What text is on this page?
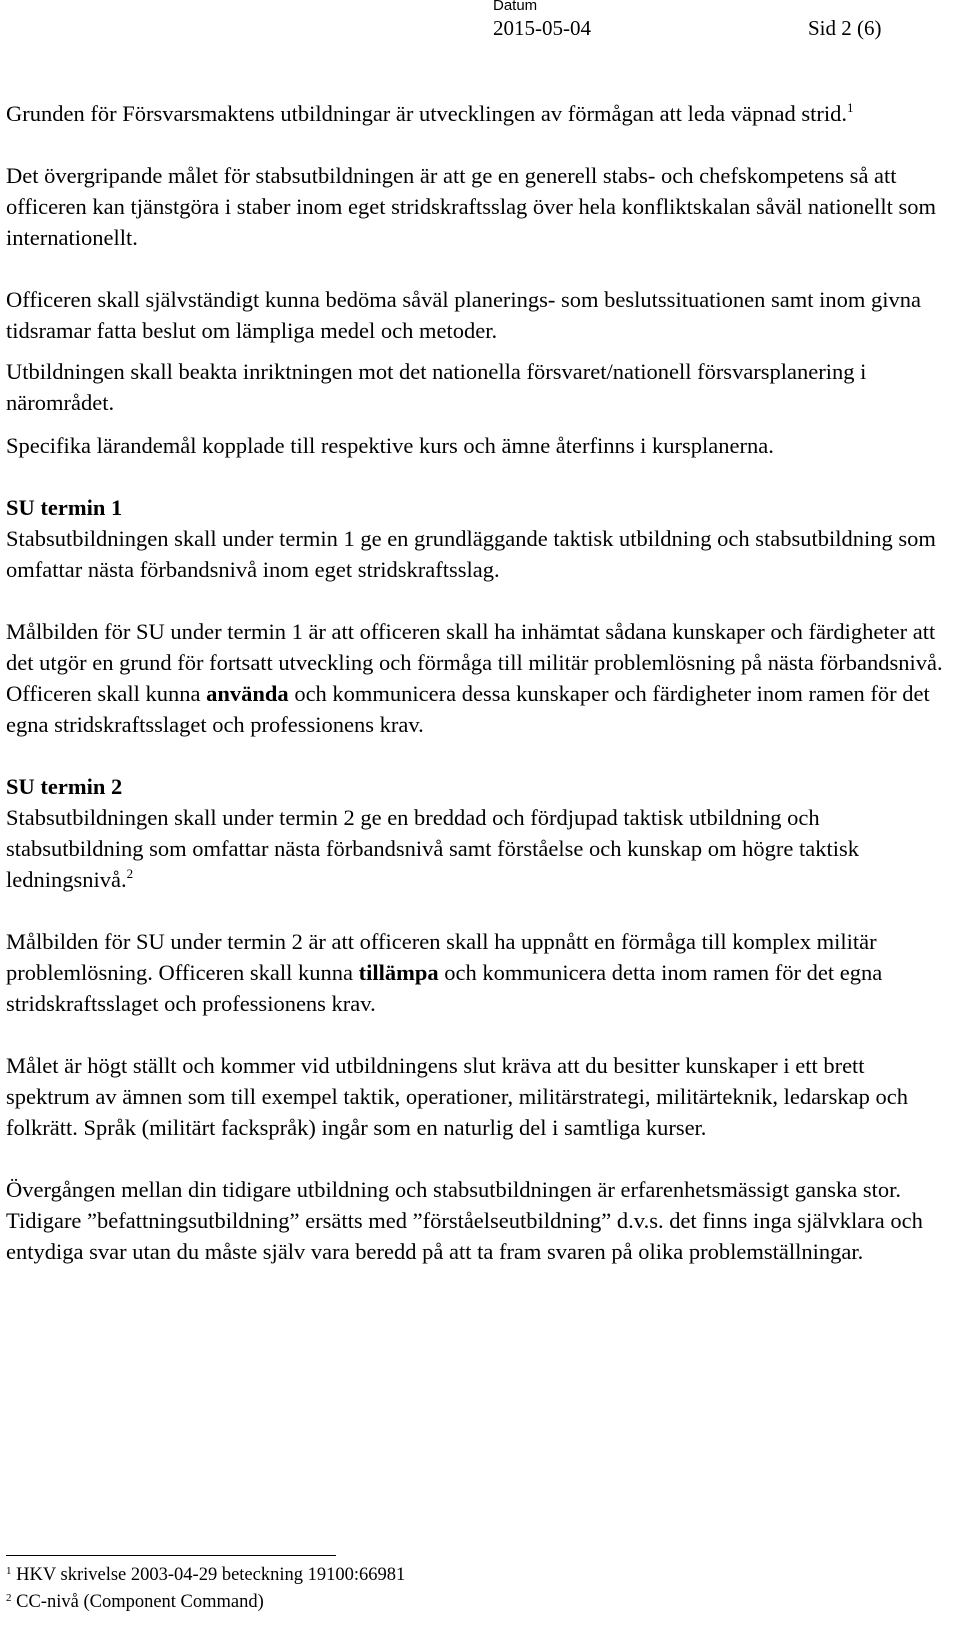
Datum
2015-05-04	Sid 2 (6)

Grunden för Försvarsmaktens utbildningar är utvecklingen av förmågan att leda väpnad strid.$^1$

Det övergripande målet för stabsutbildningen är att ge en generell stabs- och chefskompetens så att officeren kan tjänstgöra i staber inom eget stridskraftsslag över hela konfliktskalan såväl nationellt som internationellt.

Officeren skall självständigt kunna bedöma såväl planerings- som beslutssituationen samt inom givna tidsramar fatta beslut om lämpliga medel och metoder.

Utbildningen skall beakta inriktningen mot det nationella försvaret/nationell försvarsplanering i närområdet.

Specifika lärandemål kopplade till respektive kurs och ämne återfinns i kursplanerna.

SU termin 1
Stabsutbildningen skall under termin 1 ge en grundläggande taktisk utbildning och stabsutbildning som omfattar nästa förbandsnivå inom eget stridskraftsslag.

Målbilden för SU under termin 1 är att officeren skall ha inhämtat sådana kunskaper och färdigheter att det utgör en grund för fortsatt utveckling och förmåga till militär problemlösning på nästa förbandsnivå. Officeren skall kunna använda och kommunicera dessa kunskaper och färdigheter inom ramen för det egna stridskraftsslaget och professionens krav.

SU termin 2
Stabsutbildningen skall under termin 2 ge en breddad och fördjupad taktisk utbildning och stabsutbildning som omfattar nästa förbandsnivå samt förståelse och kunskap om högre taktisk ledningsnivå.$^2$

Målbilden för SU under termin 2 är att officeren skall ha uppnått en förmåga till komplex militär problemlösning. Officeren skall kunna tillämpa och kommunicera detta inom ramen för det egna stridskraftsslaget och professionens krav.

Målet är högt ställt och kommer vid utbildningens slut kräva att du besitter kunskaper i ett brett spektrum av ämnen som till exempel taktik, operationer, militärstrategi, militärteknik, ledarskap och folkrätt. Språk (militärt fackspråk) ingår som en naturlig del i samtliga kurser.

Övergången mellan din tidigare utbildning och stabsutbildningen är erfarenhetsmässigt ganska stor. Tidigare ”befattningsutbildning” ersätts med ”förståelseutbildning” d.v.s. det finns inga självklara och entydiga svar utan du måste själv vara beredd på att ta fram svaren på olika problemställningar.

$^1$ HKV skrivelse 2003-04-29 beteckning 19100:66981
$^2$ CC-nivå (Component Command)
